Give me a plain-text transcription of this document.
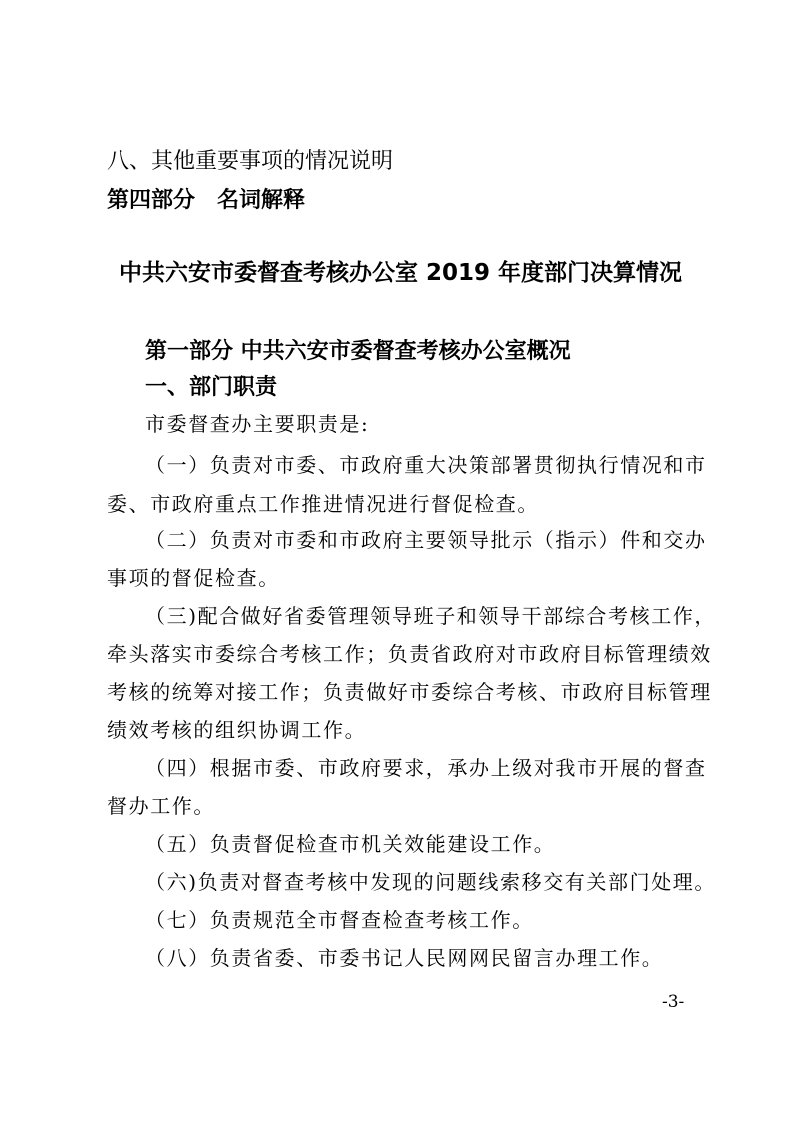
八、其他重要事项的情况说明
第四部分　名词解释
中共六安市委督查考核办公室 2019 年度部门决算情况
第一部分 中共六安市委督查考核办公室概况
一、部门职责
市委督查办主要职责是:
（一）负责对市委、市政府重大决策部署贯彻执行情况和市
委、市政府重点工作推进情况进行督促检查。
（二）负责对市委和市政府主要领导批示（指示）件和交办
事项的督促检查。
（三)配合做好省委管理领导班子和领导干部综合考核工作，
牵头落实市委综合考核工作；负责省政府对市政府目标管理绩效
考核的统筹对接工作；负责做好市委综合考核、市政府目标管理
绩效考核的组织协调工作。
（四）根据市委、市政府要求，承办上级对我市开展的督查
督办工作。
（五）负责督促检查市机关效能建设工作。
（六)负责对督查考核中发现的问题线索移交有关部门处理。
（七）负责规范全市督查检查考核工作。
（八）负责省委、市委书记人民网网民留言办理工作。
-3-
